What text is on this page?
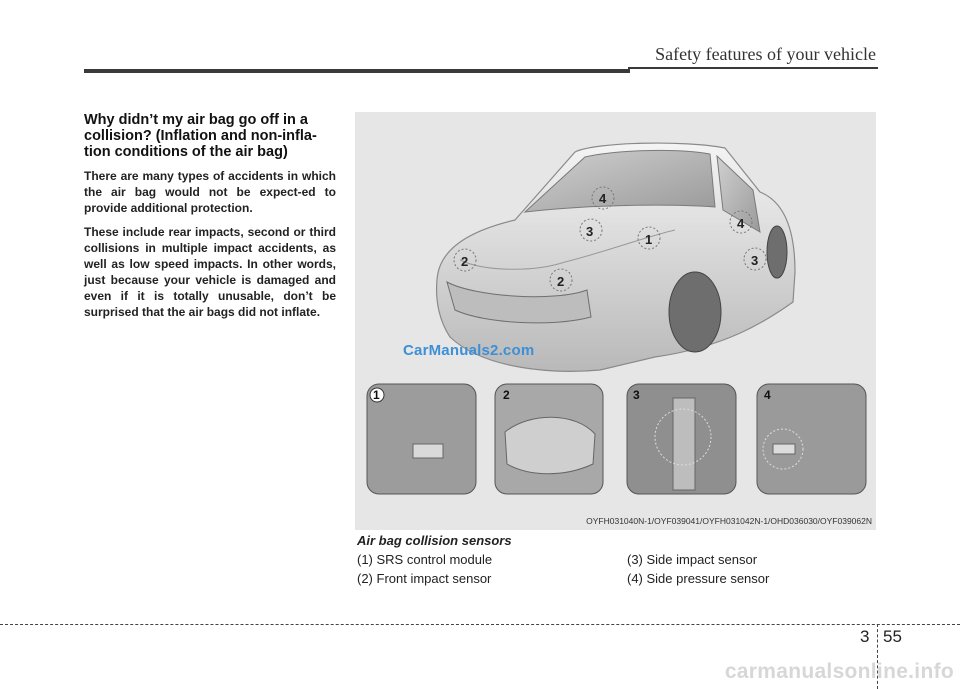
Safety features of your vehicle
Why didn’t my air bag go off in a collision? (Inflation and non-infla-tion conditions of the air bag)

There are many types of accidents in which the air bag would not be expect-ed to provide additional protection.

These include rear impacts, second or third collisions in multiple impact accidents, as well as low speed impacts. In other words, just because your vehicle is damaged and even if it is totally unusable, don’t be surprised that the air bags did not inflate.

4
3
1
4
3
2
2
1	2	3	4
CarManuals2.com
OYFH031040N-1/OYF039041/OYFH031042N-1/OHD036030/OYF039062N
Air bag collision sensors
(1) SRS control module	(3) Side impact sensor
(2) Front impact sensor	(4) Side pressure sensor
3 55
carmanualsonline.info
